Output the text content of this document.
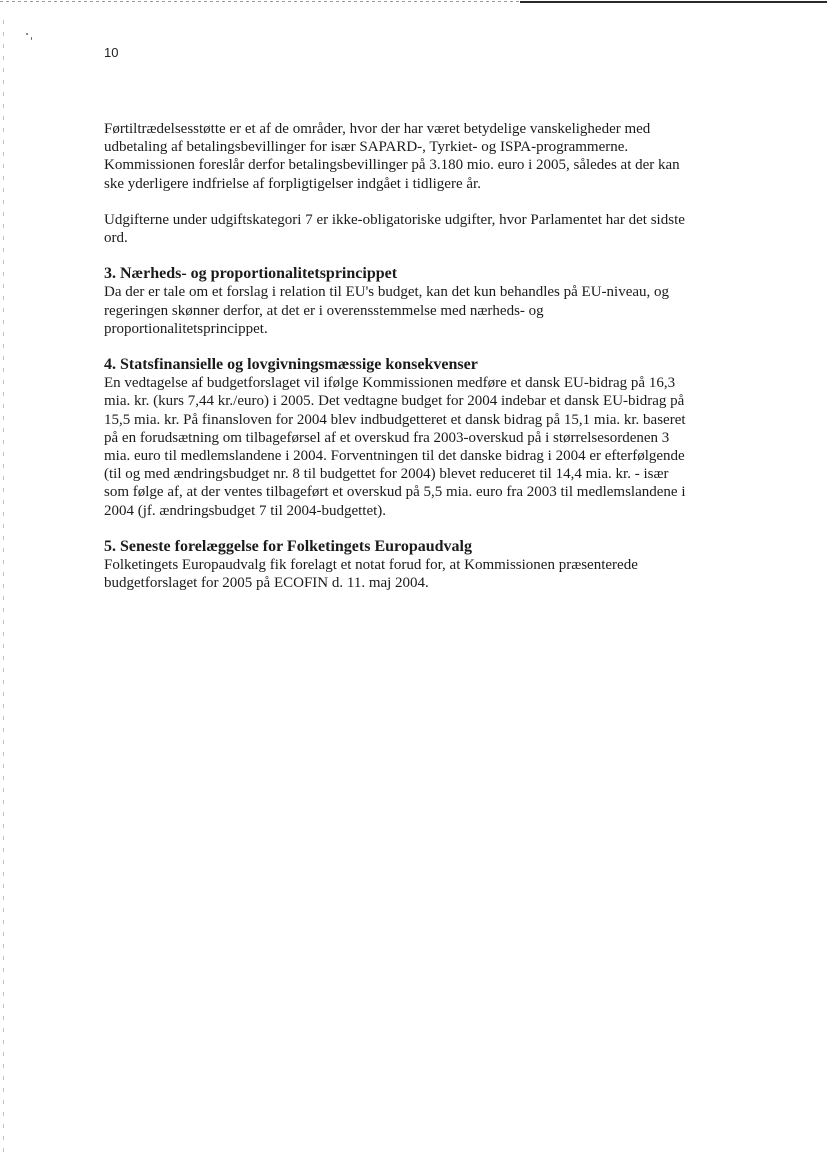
10

Førtiltrædelsesstøtte er et af de områder, hvor der har været betydelige vanskeligheder med udbetaling af betalingsbevillinger for især SAPARD-, Tyrkiet- og ISPA-programmerne. Kommissionen foreslår derfor betalingsbevillinger på 3.180 mio. euro i 2005, således at der kan ske yderligere indfrielse af forpligtigelser indgået i tidligere år.

Udgifterne under udgiftskategori 7 er ikke-obligatoriske udgifter, hvor Parlamentet har det sidste ord.

3. Nærheds- og proportionalitetsprincippet

Da der er tale om et forslag i relation til EU's budget, kan det kun behandles på EU-niveau, og regeringen skønner derfor, at det er i overensstemmelse med nærheds- og proportionalitetsprincippet.

4. Statsfinansielle og lovgivningsmæssige konsekvenser

En vedtagelse af budgetforslaget vil ifølge Kommissionen medføre et dansk EU-bidrag på 16,3 mia. kr. (kurs 7,44 kr./euro) i 2005. Det vedtagne budget for 2004 indebar et dansk EU-bidrag på 15,5 mia. kr. På finansloven for 2004 blev indbudgetteret et dansk bidrag på 15,1 mia. kr. baseret på en forudsætning om tilbageførsel af et overskud fra 2003-overskud på i størrelsesordenen 3 mia. euro til medlemslandene i 2004. Forventningen til det danske bidrag i 2004 er efterfølgende (til og med ændringsbudget nr. 8 til budgettet for 2004) blevet reduceret til 14,4 mia. kr. - især som følge af, at der ventes tilbageført et overskud på 5,5 mia. euro fra 2003 til medlemslandene i 2004 (jf. ændringsbudget 7 til 2004-budgettet).

5. Seneste forelæggelse for Folketingets Europaudvalg

Folketingets Europaudvalg fik forelagt et notat forud for, at Kommissionen præsenterede budgetforslaget for 2005 på ECOFIN d. 11. maj 2004.
